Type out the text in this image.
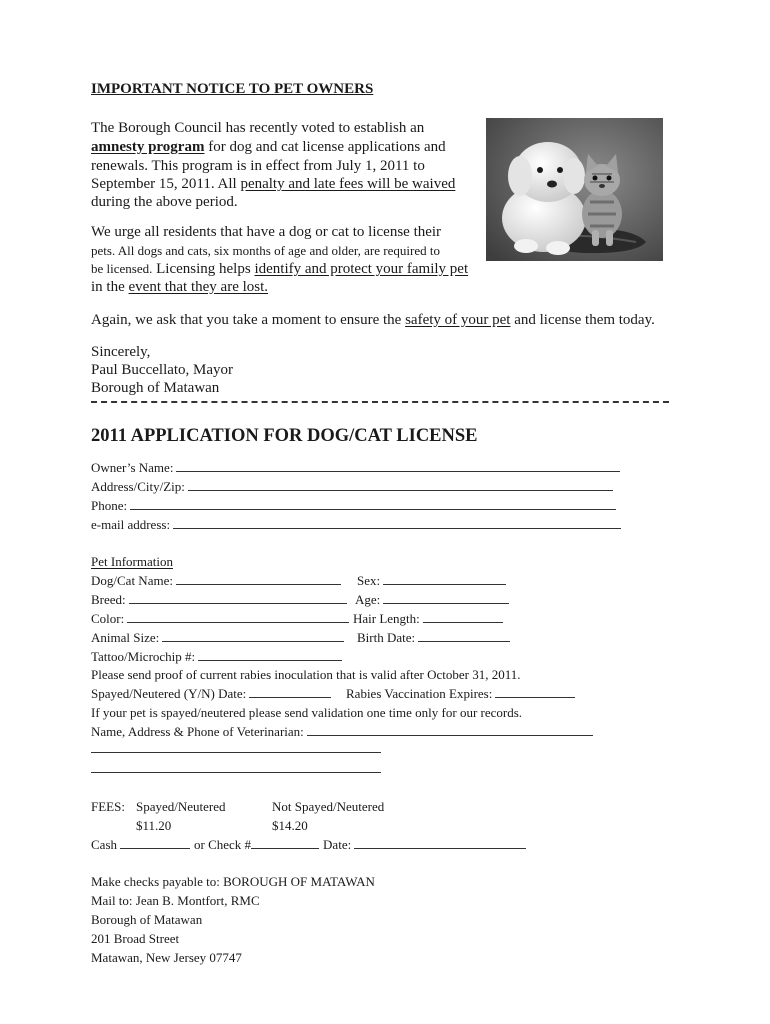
IMPORTANT NOTICE TO PET OWNERS
The Borough Council has recently voted to establish an
amnesty program for dog and cat license applications and
renewals. This program is in effect from July 1, 2011 to
September 15, 2011. All penalty and late fees will be waived
during the above period.
We urge all residents that have a dog or cat to license their
pets. All dogs and cats, six months of age and older, are required to
be licensed. Licensing helps identify and protect your family pet
in the event that they are lost.
Again, we ask that you take a moment to ensure the safety of your pet and license them today.
Sincerely,
Paul Buccellato, Mayor
Borough of Matawan
2011 APPLICATION FOR DOG/CAT LICENSE
Owner’s Name:
Address/City/Zip:
Phone:
e-mail address:
Pet Information
Dog/Cat Name:	Sex:
Breed:	Age:
Color:	Hair Length:
Animal Size:	Birth Date:
Tattoo/Microchip #:
Please send proof of current rabies inoculation that is valid after October 31, 2011.
Spayed/Neutered (Y/N) Date:	Rabies Vaccination Expires:
If your pet is spayed/neutered please send validation one time only for our records.
Name, Address & Phone of Veterinarian:
FEES: Spayed/Neutered	Not Spayed/Neutered
$11.20	$14.20
Cash	or Check #	Date:
Make checks payable to: BOROUGH OF MATAWAN
Mail to: Jean B. Montfort, RMC
Borough of Matawan
201 Broad Street
Matawan, New Jersey 07747
